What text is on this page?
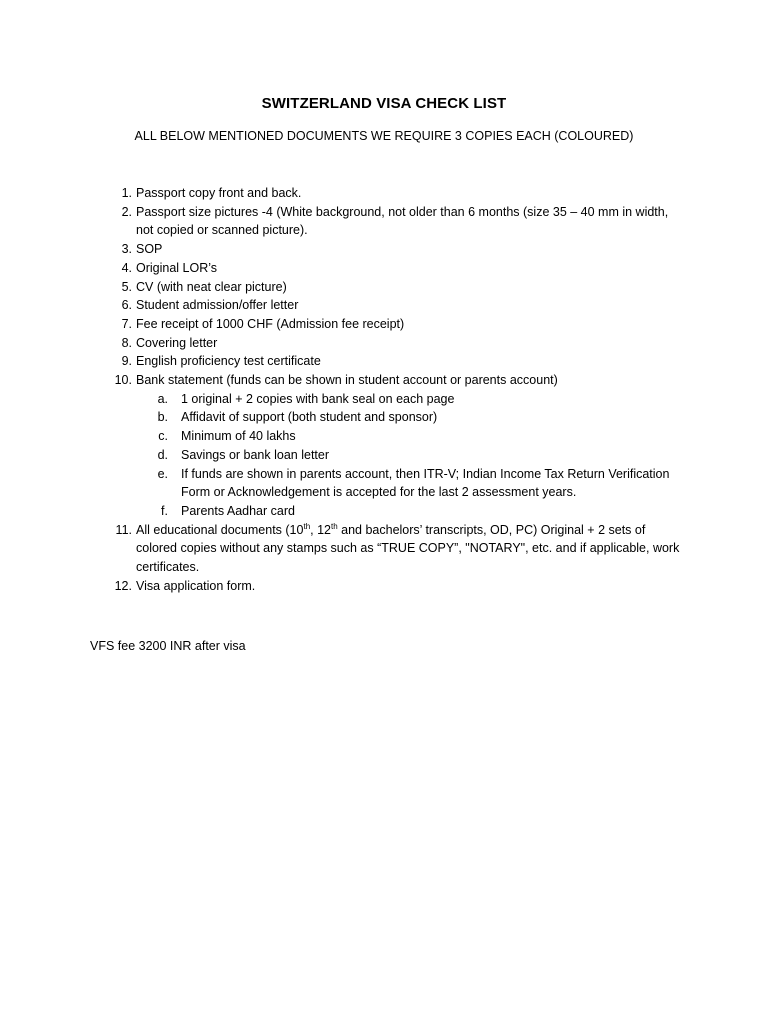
SWITZERLAND VISA CHECK LIST
ALL BELOW MENTIONED DOCUMENTS WE REQUIRE 3 COPIES EACH (COLOURED)
1. Passport copy front and back.
2. Passport size pictures -4 (White background, not older than 6 months (size 35 – 40 mm in width, not copied or scanned picture).
3. SOP
4. Original LOR’s
5. CV (with neat clear picture)
6. Student admission/offer letter
7. Fee receipt of 1000 CHF (Admission fee receipt)
8. Covering letter
9. English proficiency test certificate
10. Bank statement (funds can be shown in student account or parents account)
a. 1 original + 2 copies with bank seal on each page
b. Affidavit of support (both student and sponsor)
c. Minimum of 40 lakhs
d. Savings or bank loan letter
e. If funds are shown in parents account, then ITR-V; Indian Income Tax Return Verification Form or Acknowledgement is accepted for the last 2 assessment years.
f. Parents Aadhar card
11. All educational documents (10th, 12th and bachelors’ transcripts, OD, PC) Original + 2 sets of colored copies without any stamps such as “TRUE COPY”, "NOTARY", etc. and if applicable, work certificates.
12. Visa application form.
VFS fee 3200 INR after visa
